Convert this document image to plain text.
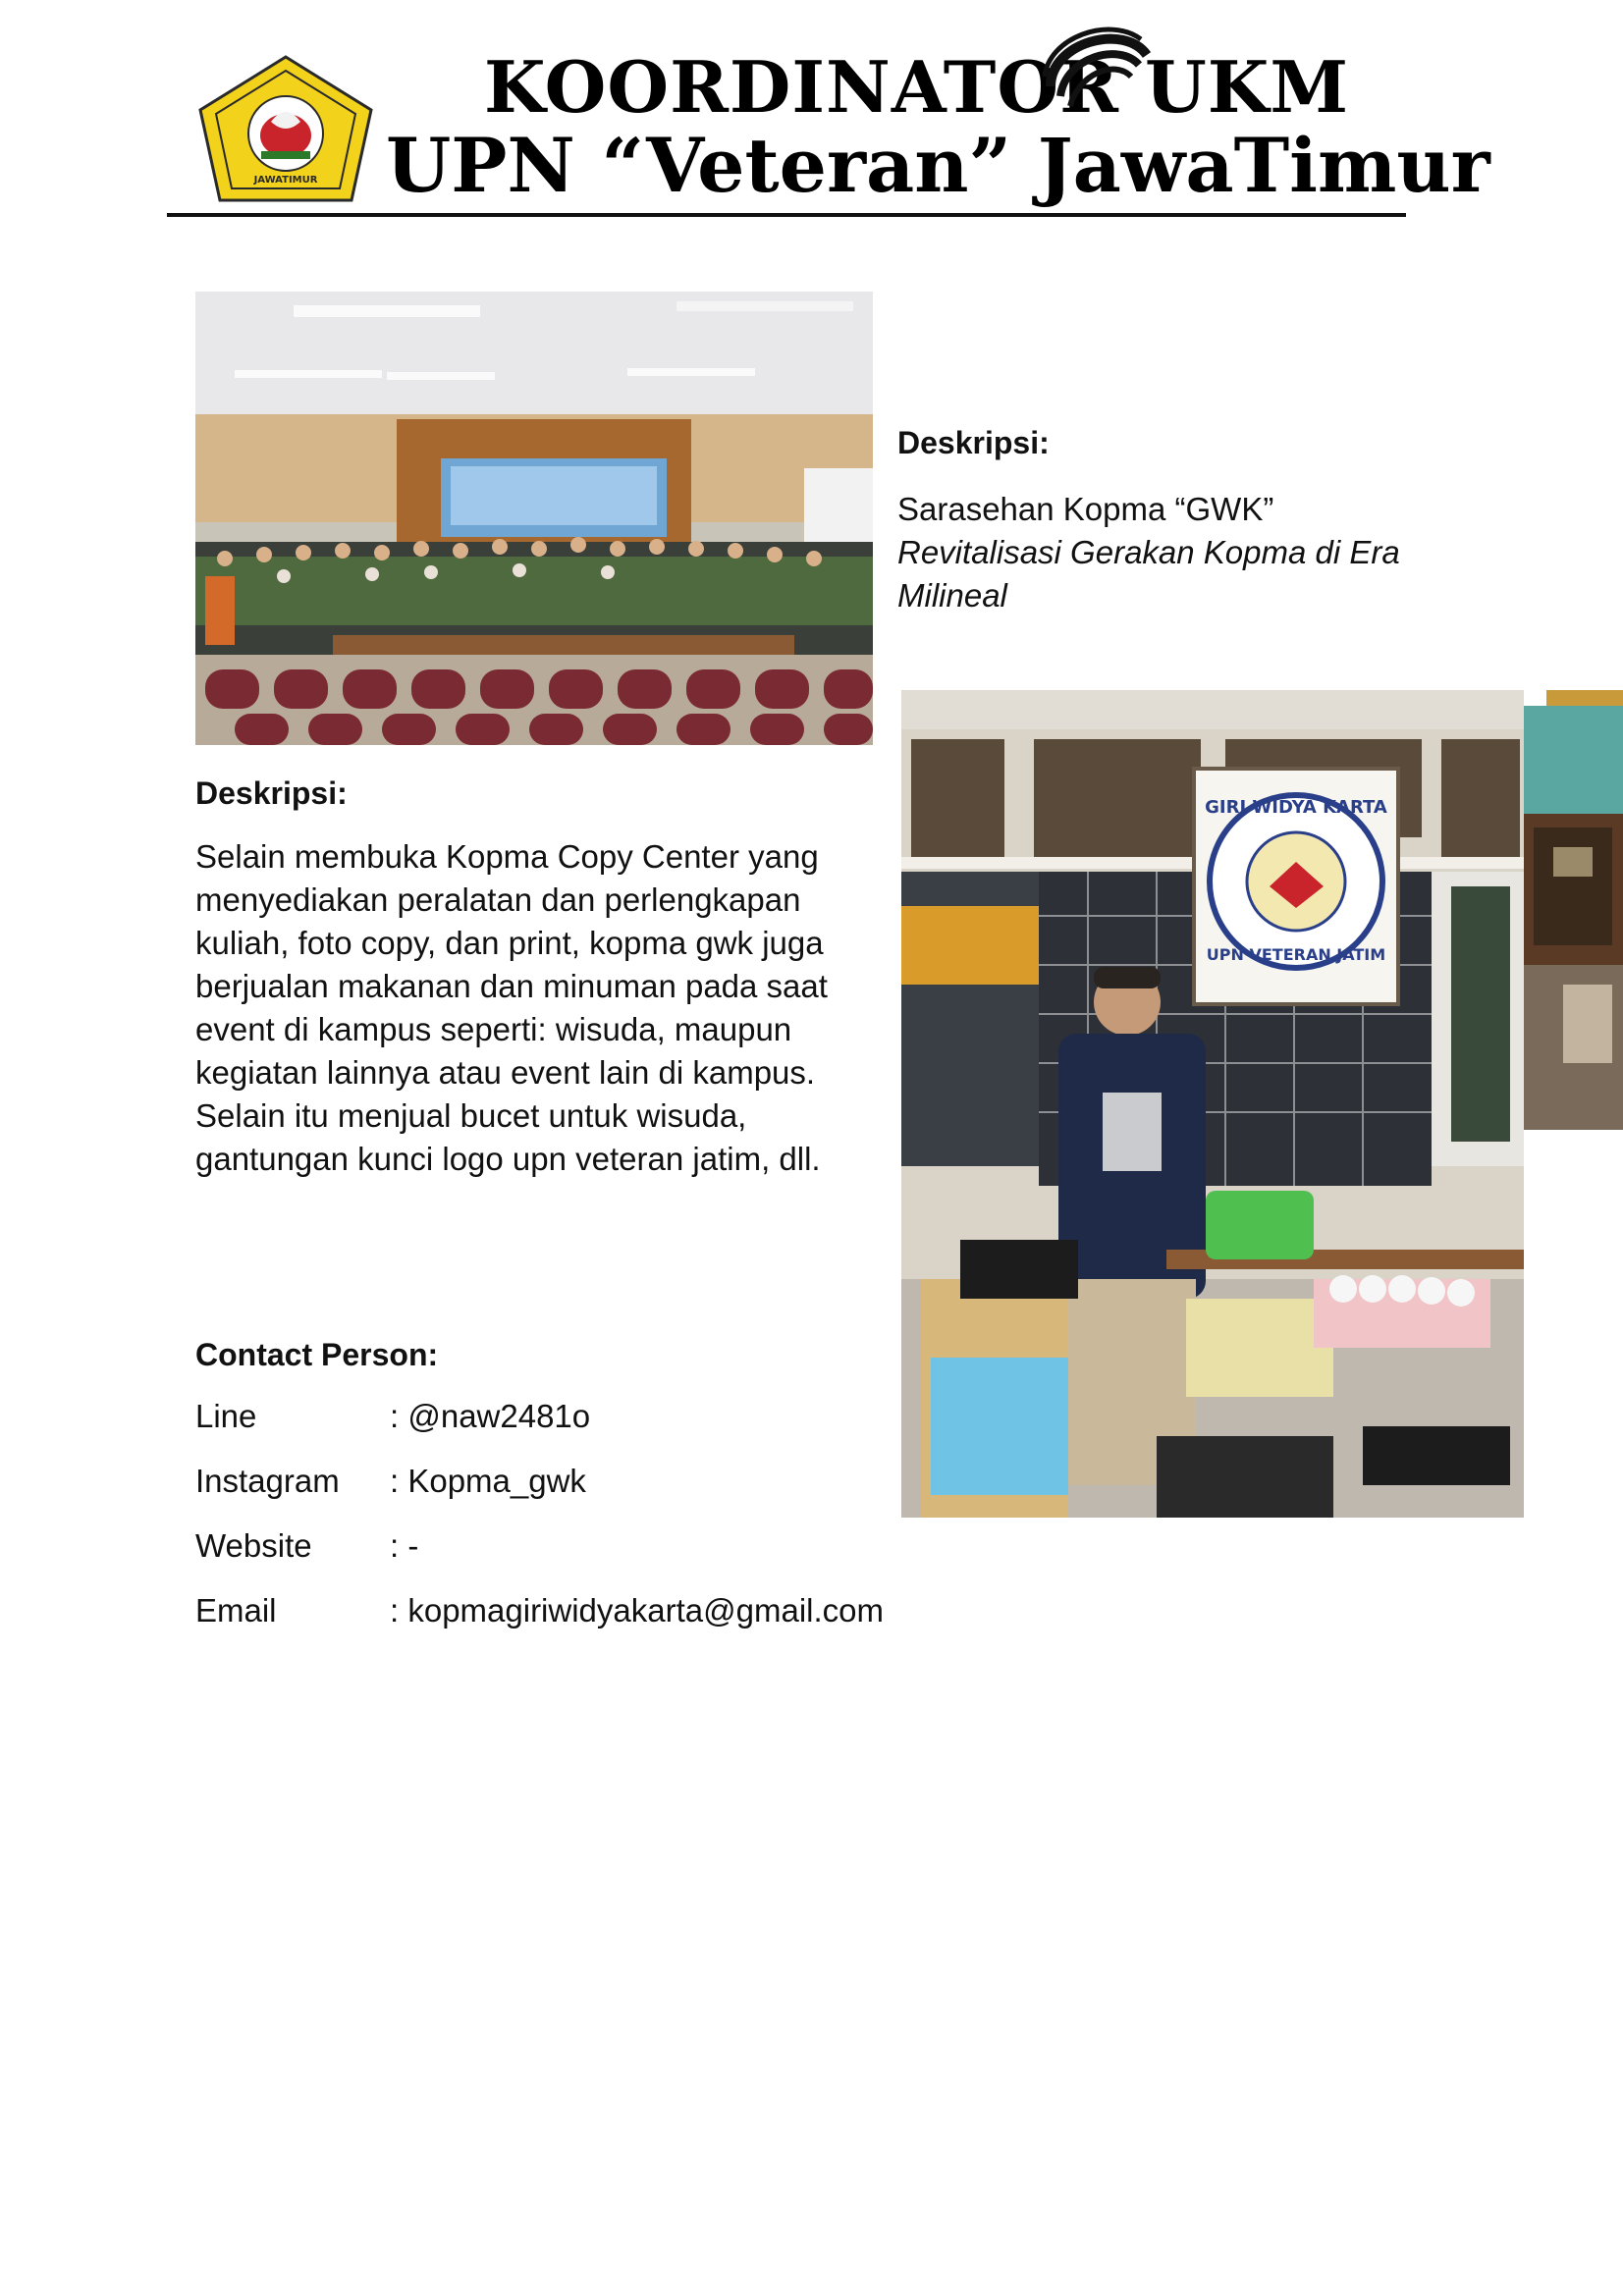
JAWATIMUR
KOORDINATOR UKM
UPN “Veteran” JawaTimur
Deskripsi:
Sarasehan Kopma “GWK”
Revitalisasi Gerakan Kopma di Era Milineal
GIRI WIDYA KARTA
UPN VETERAN JATIM
Deskripsi:
Selain membuka Kopma Copy Center yang menyediakan peralatan dan perlengkapan kuliah, foto copy, dan print, kopma gwk juga berjualan makanan dan minuman pada saat event di kampus seperti: wisuda, maupun kegiatan lainnya atau event lain di kampus. Selain itu menjual bucet untuk wisuda, gantungan kunci logo upn veteran jatim, dll.
Contact Person:
Line	: @naw2481o
Instagram : Kopma_gwk
Website : -
Email	: kopmagiriwidyakarta@gmail.com
